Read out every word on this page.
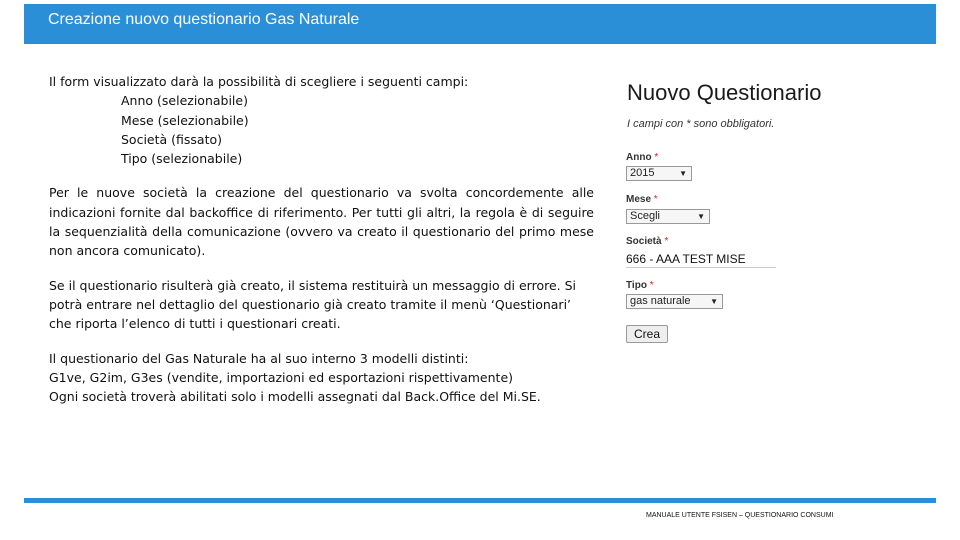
Creazione nuovo questionario Gas Naturale

Il form visualizzato darà la possibilità di scegliere i seguenti campi:

Anno (selezionabile)

Mese (selezionabile)

Società (fissato)

Tipo (selezionabile)

Per le nuove società la creazione del questionario va svolta concordemente alle indicazioni fornite dal backoffice di riferimento. Per tutti gli altri, la regola è di seguire la sequenzialità della comunicazione (ovvero va creato il questionario del primo mese non ancora comunicato).

Se il questionario risulterà già creato, il sistema restituirà un messaggio di errore. Si potrà entrare nel dettaglio del questionario già creato tramite il menù ‘Questionari’ che riporta l’elenco di tutti i questionari creati.

Il questionario del Gas Naturale ha al suo interno 3 modelli distinti:

G1ve, G2im, G3es (vendite, importazioni ed esportazioni rispettivamente)

Ogni società troverà abilitati solo i modelli assegnati dal Back.Office del Mi.SE.

Nuovo Questionario
I campi con * sono obbligatori.
Anno *
2015	▼
Mese *
Scegli	▼
Società *
666 - AAA TEST MISE
Tipo *
gas naturale ▼
Crea
MANUALE UTENTE FSISEN – QUESTIONARIO CONSUMI
